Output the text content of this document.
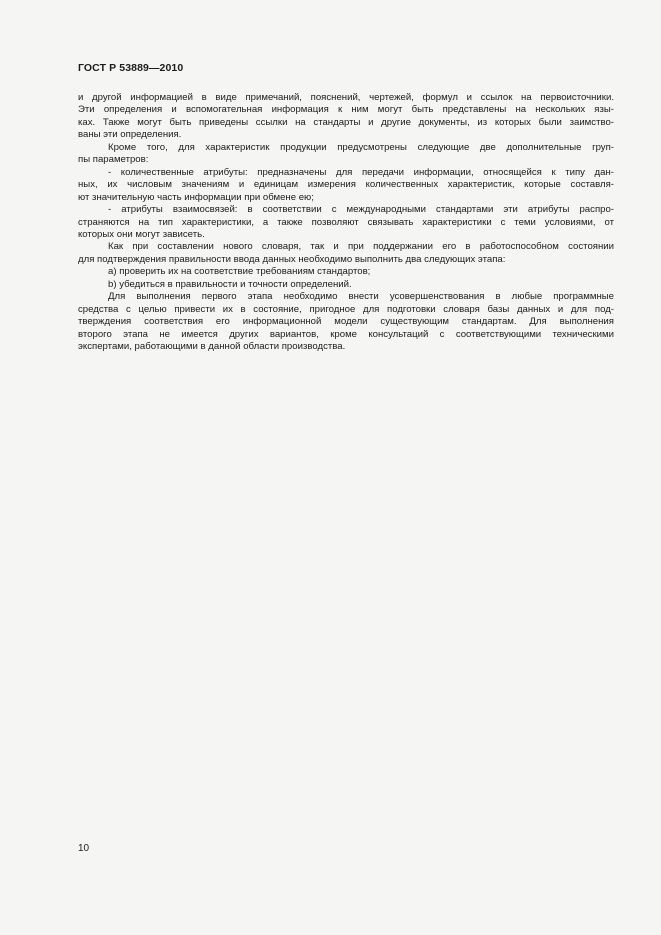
ГОСТ Р 53889—2010
и другой информацией в виде примечаний, пояснений, чертежей, формул и ссылок на первоисточники.
Эти определения и вспомогательная информация к ним могут быть представлены на нескольких язы-
ках. Также могут быть приведены ссылки на стандарты и другие документы, из которых были заимство-
ваны эти определения.
Кроме того, для характеристик продукции предусмотрены следующие две дополнительные груп-
пы параметров:
- количественные атрибуты: предназначены для передачи информации, относящейся к типу дан-
ных, их числовым значениям и единицам измерения количественных характеристик, которые составля-
ют значительную часть информации при обмене ею;
- атрибуты взаимосвязей: в соответствии с международными стандартами эти атрибуты распро-
страняются на тип характеристики, а также позволяют связывать характеристики с теми условиями, от
которых они могут зависеть.
Как при составлении нового словаря, так и при поддержании его в работоспособном состоянии
для подтверждения правильности ввода данных необходимо выполнить два следующих этапа:
а) проверить их на соответствие требованиям стандартов;
b) убедиться в правильности и точности определений.
Для выполнения первого этапа необходимо внести усовершенствования в любые программные
средства с целью привести их в состояние, пригодное для подготовки словаря базы данных и для под-
тверждения соответствия его информационной модели существующим стандартам. Для выполнения
второго этапа не имеется других вариантов, кроме консультаций с соответствующими техническими
экспертами, работающими в данной области производства.
10
